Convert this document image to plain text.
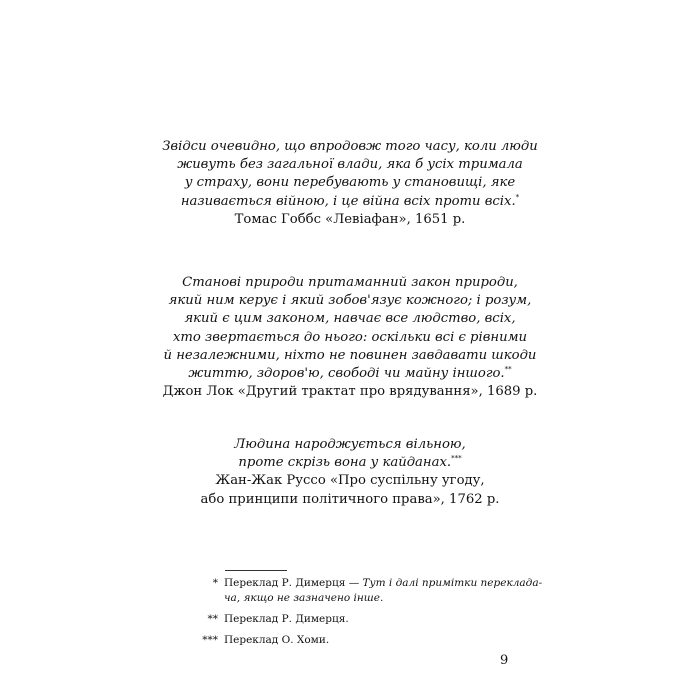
Звідси очевидно, що впродовж того часу, коли люди
живуть без загальної влади, яка б усіх тримала
у страху, вони перебувають у становищі, яке
називається війною, і це війна всіх проти всіх.*
Томас Гоббс «Левіафан», 1651 р.
Станові природи притаманний закон природи,
який ним керує і який зобов'язує кожного; і розум,
який є цим законом, навчає все людство, всіх,
хто звертається до нього: оскільки всі є рівними
й незалежними, ніхто не повинен завдавати шкоди
життю, здоров'ю, свободі чи майну іншого.**
Джон Лок «Другий трактат про врядування», 1689 р.
Людина народжується вільною,
проте скрізь вона у кайданах.***
Жан-Жак Руссо «Про суспільну угоду,
або принципи політичного права», 1762 р.
* Переклад Р. Димерця — Тут і далі примітки переклада-
ча, якщо не зазначено інше.
** Переклад Р. Димерця.
*** Переклад О. Хоми.
9
